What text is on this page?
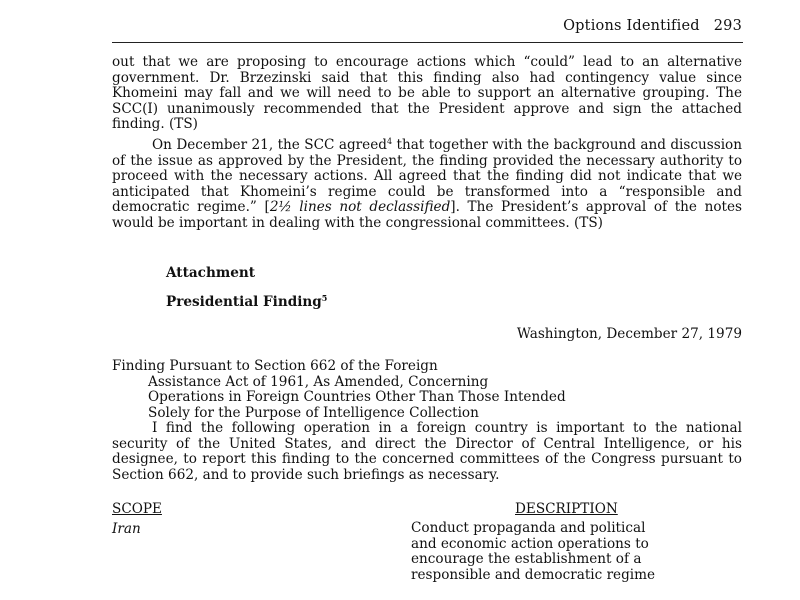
Options Identified 293
out that we are proposing to encourage actions which “could” lead to an alternative government. Dr. Brzezinski said that this finding also had contingency value since Khomeini may fall and we will need to be able to support an alternative grouping. The SCC(I) unanimously recommended that the President approve and sign the attached finding. (TS)
On December 21, the SCC agreed$^4$ that together with the background and discussion of the issue as approved by the President, the finding provided the necessary authority to proceed with the necessary actions. All agreed that the finding did not indicate that we anticipated that Khomeini’s regime could be transformed into a “responsible and democratic regime.” [2½ lines not declassified]. The President’s approval of the notes would be important in dealing with the congressional committees. (TS)
Attachment
Presidential Finding$^5$
Washington, December 27, 1979
Finding Pursuant to Section 662 of the Foreign
Assistance Act of 1961, As Amended, Concerning
Operations in Foreign Countries Other Than Those Intended
Solely for the Purpose of Intelligence Collection
I find the following operation in a foreign country is important to the national security of the United States, and direct the Director of Central Intelligence, or his designee, to report this finding to the concerned committees of the Congress pursuant to Section 662, and to provide such briefings as necessary.
SCOPE	DESCRIPTION
Iran	Conduct propaganda and political
and economic action operations to
encourage the establishment of a
responsible and democratic regime
